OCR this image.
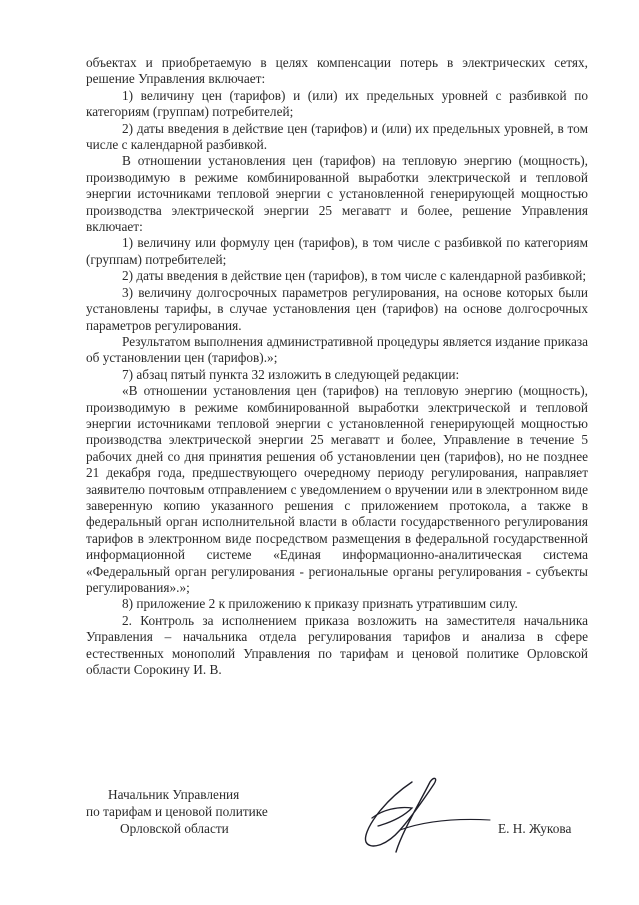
объектах и приобретаемую в целях компенсации потерь в электрических сетях, решение Управления включает:

1) величину цен (тарифов) и (или) их предельных уровней с разбивкой по категориям (группам) потребителей;

2) даты введения в действие цен (тарифов) и (или) их предельных уровней, в том числе с календарной разбивкой.

В отношении установления цен (тарифов) на тепловую энергию (мощность), производимую в режиме комбинированной выработки электрической и тепловой энергии источниками тепловой энергии с установленной генерирующей мощностью производства электрической энергии 25 мегаватт и более, решение Управления включает:

1) величину или формулу цен (тарифов), в том числе с разбивкой по категориям (группам) потребителей;

2) даты введения в действие цен (тарифов), в том числе с календарной разбивкой;

3) величину долгосрочных параметров регулирования, на основе которых были установлены тарифы, в случае установления цен (тарифов) на основе долгосрочных параметров регулирования.

Результатом выполнения административной процедуры является издание приказа об установлении цен (тарифов).»;

7) абзац пятый пункта 32 изложить в следующей редакции:

«В отношении установления цен (тарифов) на тепловую энергию (мощность), производимую в режиме комбинированной выработки электрической и тепловой энергии источниками тепловой энергии с установленной генерирующей мощностью производства электрической энергии 25 мегаватт и более, Управление в течение 5 рабочих дней со дня принятия решения об установлении цен (тарифов), но не позднее 21 декабря года, предшествующего очередному периоду регулирования, направляет заявителю почтовым отправлением с уведомлением о вручении или в электронном виде заверенную копию указанного решения с приложением протокола, а также в федеральный орган исполнительной власти в области государственного регулирования тарифов в электронном виде посредством размещения в федеральной государственной информационной системе «Единая информационно-аналитическая система «Федеральный орган регулирования - региональные органы регулирования - субъекты регулирования».»;

8) приложение 2 к приложению к приказу признать утратившим силу.

2. Контроль за исполнением приказа возложить на заместителя начальника Управления – начальника отдела регулирования тарифов и анализа в сфере естественных монополий Управления по тарифам и ценовой политике Орловской области Сорокину И. В.

Начальник Управления
по тарифам и ценовой политике
Орловской области	Е. Н. Жукова
